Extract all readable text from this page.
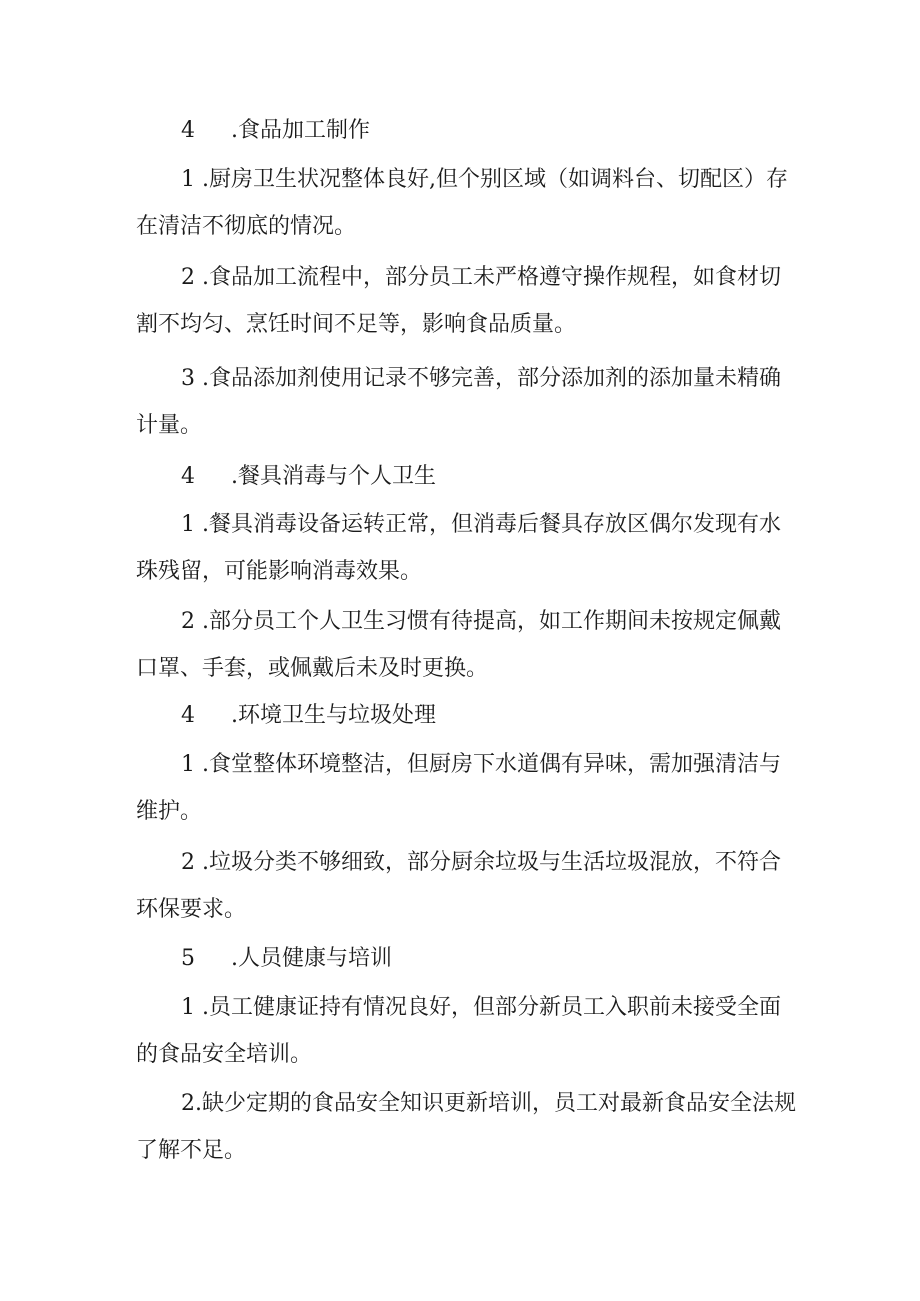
4 .食品加工制作
1 .厨房卫生状况整体良好,但个别区域（如调料台、切配区）存
在清洁不彻底的情况。
2 .食品加工流程中，部分员工未严格遵守操作规程，如食材切
割不均匀、烹饪时间不足等，影响食品质量。
3 .食品添加剂使用记录不够完善，部分添加剂的添加量未精确
计量。
4 .餐具消毒与个人卫生
1 .餐具消毒设备运转正常，但消毒后餐具存放区偶尔发现有水
珠残留，可能影响消毒效果。
2 .部分员工个人卫生习惯有待提高，如工作期间未按规定佩戴
口罩、手套，或佩戴后未及时更换。
4 .环境卫生与垃圾处理
1 .食堂整体环境整洁，但厨房下水道偶有异味，需加强清洁与
维护。
2 .垃圾分类不够细致，部分厨余垃圾与生活垃圾混放，不符合
环保要求。
5 .人员健康与培训
1 .员工健康证持有情况良好，但部分新员工入职前未接受全面
的食品安全培训。
2.缺少定期的食品安全知识更新培训，员工对最新食品安全法规
了解不足。
